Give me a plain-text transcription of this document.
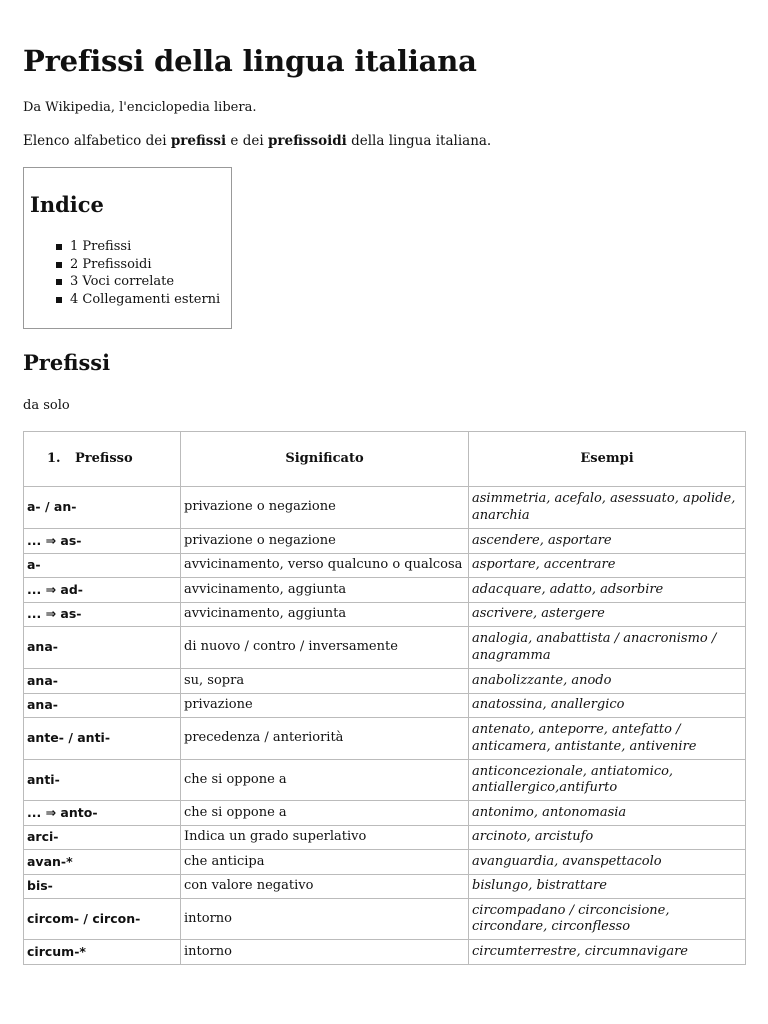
Prefissi della lingua italiana
Da Wikipedia, l'enciclopedia libera.
Elenco alfabetico dei prefissi e dei prefissoidi della lingua italiana.
Indice
1 Prefissi
2 Prefissoidi
3 Voci correlate
4 Collegamenti esterni
Prefissi
da solo
1. Prefisso	Significato	Esempi
a- / an-	privazione o negazione	asimmetria, acefalo, asessuato, apolide, anarchia
... ⇒ as-	privazione o negazione	ascendere, asportare
a-	avvicinamento, verso qualcuno o qualcosa	asportare, accentrare
... ⇒ ad-	avvicinamento, aggiunta	adacquare, adatto, adsorbire
... ⇒ as-	avvicinamento, aggiunta	ascrivere, astergere
ana-	di nuovo / contro / inversamente	analogia, anabattista / anacronismo / anagramma
ana-	su, sopra	anabolizzante, anodo
ana-	privazione	anatossina, anallergico
ante- / anti-	precedenza / anteriorità	antenato, anteporre, antefatto / anticamera, antistante, antivenire
anti-	che si oppone a	anticoncezionale, antiatomico, antiallergico,antifurto
... ⇒ anto-	che si oppone a	antonimo, antonomasia
arci-	Indica un grado superlativo	arcinoto, arcistufo
avan-*	che anticipa	avanguardia, avanspettacolo
bis-	con valore negativo	bislungo, bistrattare
circom- / circon-	intorno	circompadano / circoncisione, circondare, circonflesso
circum-*	intorno	circumterrestre, circumnavigare
